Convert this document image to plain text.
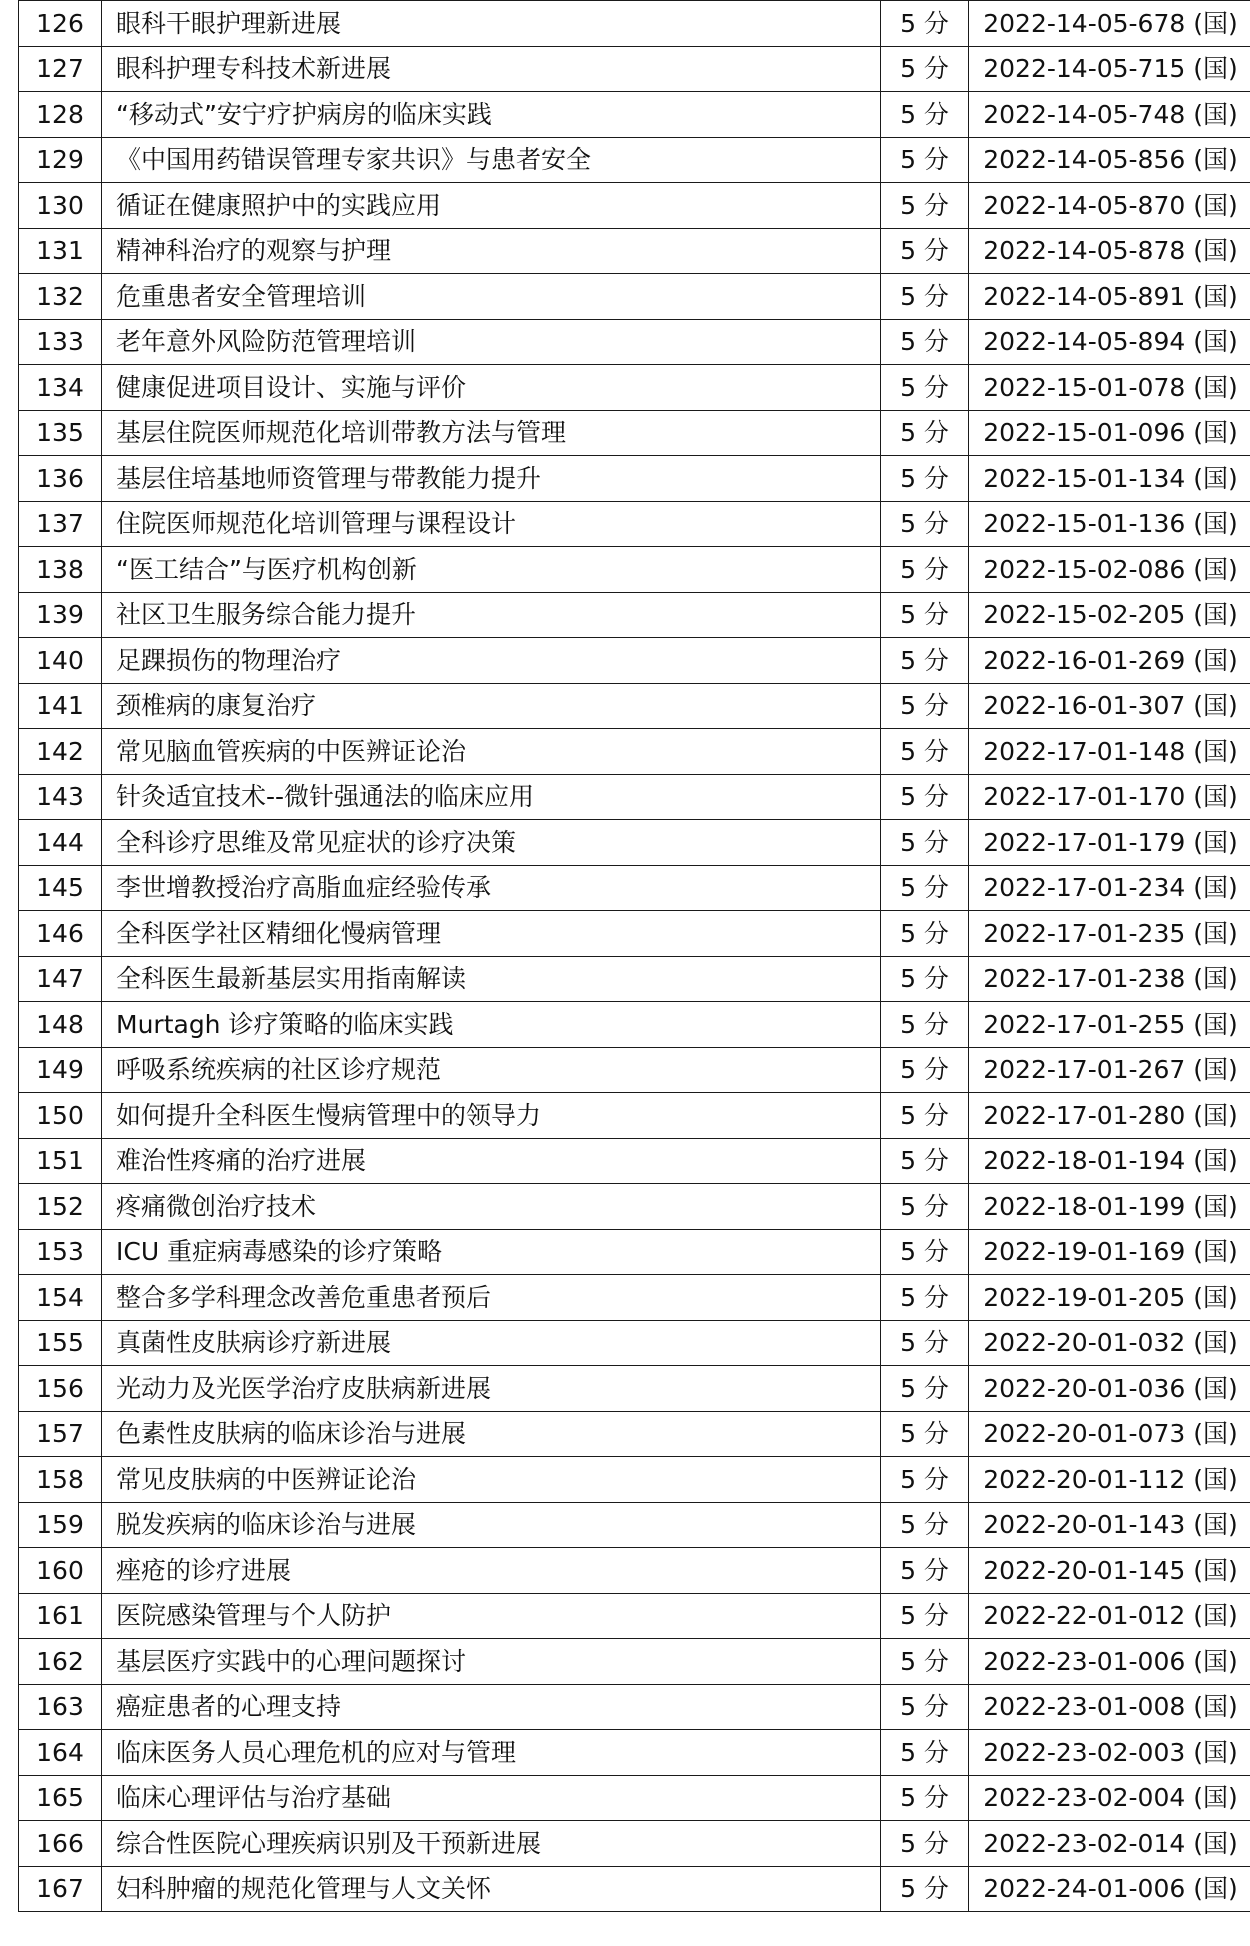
126	眼科干眼护理新进展	5 分	2022-14-05-678 (国)
127	眼科护理专科技术新进展	5 分	2022-14-05-715 (国)
128	“移动式”安宁疗护病房的临床实践	5 分	2022-14-05-748 (国)
129	《中国用药错误管理专家共识》与患者安全	5 分	2022-14-05-856 (国)
130	循证在健康照护中的实践应用	5 分	2022-14-05-870 (国)
131	精神科治疗的观察与护理	5 分	2022-14-05-878 (国)
132	危重患者安全管理培训	5 分	2022-14-05-891 (国)
133	老年意外风险防范管理培训	5 分	2022-14-05-894 (国)
134	健康促进项目设计、实施与评价	5 分	2022-15-01-078 (国)
135	基层住院医师规范化培训带教方法与管理	5 分	2022-15-01-096 (国)
136	基层住培基地师资管理与带教能力提升	5 分	2022-15-01-134 (国)
137	住院医师规范化培训管理与课程设计	5 分	2022-15-01-136 (国)
138	“医工结合”与医疗机构创新	5 分	2022-15-02-086 (国)
139	社区卫生服务综合能力提升	5 分	2022-15-02-205 (国)
140	足踝损伤的物理治疗	5 分	2022-16-01-269 (国)
141	颈椎病的康复治疗	5 分	2022-16-01-307 (国)
142	常见脑血管疾病的中医辨证论治	5 分	2022-17-01-148 (国)
143	针灸适宜技术--微针强通法的临床应用	5 分	2022-17-01-170 (国)
144	全科诊疗思维及常见症状的诊疗决策	5 分	2022-17-01-179 (国)
145	李世增教授治疗高脂血症经验传承	5 分	2022-17-01-234 (国)
146	全科医学社区精细化慢病管理	5 分	2022-17-01-235 (国)
147	全科医生最新基层实用指南解读	5 分	2022-17-01-238 (国)
148	Murtagh 诊疗策略的临床实践	5 分	2022-17-01-255 (国)
149	呼吸系统疾病的社区诊疗规范	5 分	2022-17-01-267 (国)
150	如何提升全科医生慢病管理中的领导力	5 分	2022-17-01-280 (国)
151	难治性疼痛的治疗进展	5 分	2022-18-01-194 (国)
152	疼痛微创治疗技术	5 分	2022-18-01-199 (国)
153	ICU 重症病毒感染的诊疗策略	5 分	2022-19-01-169 (国)
154	整合多学科理念改善危重患者预后	5 分	2022-19-01-205 (国)
155	真菌性皮肤病诊疗新进展	5 分	2022-20-01-032 (国)
156	光动力及光医学治疗皮肤病新进展	5 分	2022-20-01-036 (国)
157	色素性皮肤病的临床诊治与进展	5 分	2022-20-01-073 (国)
158	常见皮肤病的中医辨证论治	5 分	2022-20-01-112 (国)
159	脱发疾病的临床诊治与进展	5 分	2022-20-01-143 (国)
160	痤疮的诊疗进展	5 分	2022-20-01-145 (国)
161	医院感染管理与个人防护	5 分	2022-22-01-012 (国)
162	基层医疗实践中的心理问题探讨	5 分	2022-23-01-006 (国)
163	癌症患者的心理支持	5 分	2022-23-01-008 (国)
164	临床医务人员心理危机的应对与管理	5 分	2022-23-02-003 (国)
165	临床心理评估与治疗基础	5 分	2022-23-02-004 (国)
166	综合性医院心理疾病识别及干预新进展	5 分	2022-23-02-014 (国)
167	妇科肿瘤的规范化管理与人文关怀	5 分	2022-24-01-006 (国)
